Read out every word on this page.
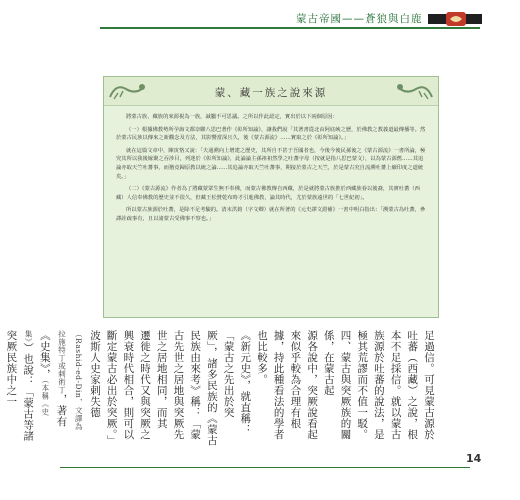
蒙古帝國——蒼狼與白鹿
蒙、藏一族之說來源

將蒙古族、藏族的來源視為一族，誠屬不可思議。之所以作此認定，實出於以下兩個原因：

（一）根據佛教勢所孕誨文都奈聯八思巴著作《彰所知論》，讓我們說「其著書從北由阿底峽之歷，於佛教之教義道最傳播等。然於蒙古民族以傳來之新觀念及方法，其影響當深且久，後《蒙古源流》……實取之於《彰所知論》。」

就在這篇文章中，陳寅恪又說：「夫通溯向上增建之歷史，其所自不甚于吾國者也，今後今後民孫後之《蒙古源流》一書所論，極究其所以我後嫁聚之吞涉目，列迷於《彰所知論》，此論論主孫祖祖然學之吐蕃字母（按就是指八思巴蒙文），以為蒙古源舊……其追論亦取天竺吐蕃事，而猶竟歸原教以統之論……其追論亦取天竺吐蕃事，期接於蒙古之天竺，於是蒙古究自流溯吐蕃上續印度之道統矣。」

（二）《蒙古源流》作者為了將藏蒙眾生無不奉佛，而蒙古佛教傳自西藏，於是就將蒙古族推於西藏族眷以後裔，其實吐蕃（西藏）人信奉佛教的歷史並不很久，但藏王松贊乾布時才引進佛教，論其時代，尤於蒙族遠世的「七世紀初」。

所以蒙古族源於吐蕃，是除不足考驗的。清末洪鈞（字文卿）就在所著的《元史譯文證補》一書中明白指出：「溯蒙古為吐蕃，參譯詮疏事有，且以諸蒙古受佛事不察也。」

足過信。可見蒙古源於吐蕃（西藏）之說，根
本不足採信。就以蒙古族源於吐蕃的說法，是
極其荒謬而不值一駁。
四、蒙古與突厥族的關係，在蒙古起
源各說中，突厥說看起來似乎較為合理有根
據，持此種看法的學者也比較多。
《新元史》，就直稱：「蒙古之先出於突
厥」，諸多民族的《蒙古民族由來考》稱：「蒙
古先世之居地與突厥先世之居地相同，而其
遷徙之時代又與突厥之興衰時代相合，則可以
斷定蒙古必出於突厥。」
波斯人史家剌失德（Rashid-ed-Din，文譯為
拉施特丁或剌術丁，著有《史集》，（本稱《史
集》）也說：「蒙古等諸突厥民族中之一
14
